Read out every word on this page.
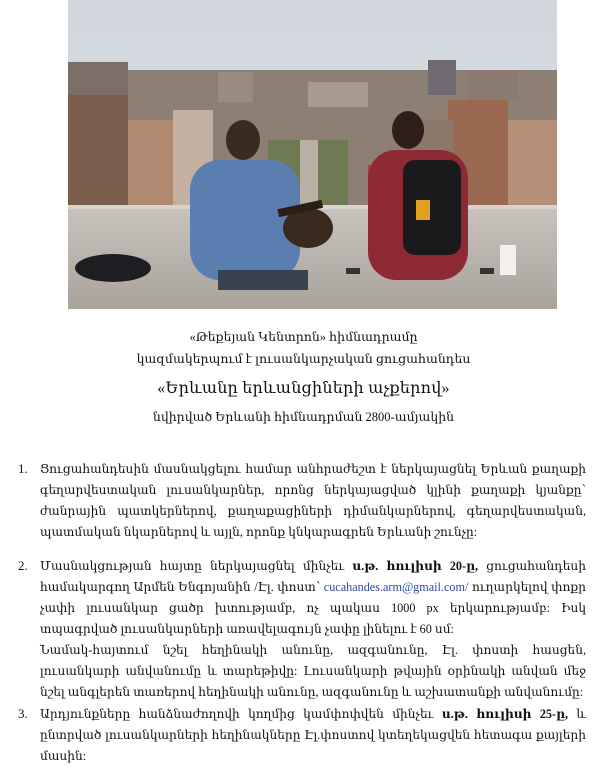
«Թեքեյան Կենտրոն» հիմնադրամը
կազմակերպում է լուսանկարչական ցուցահանդես
«Երևանը երևանցիների աչքերով»
նվիրված Երևանի հիմնադրման 2800-ամյակին
1. Ցուցահանդեսին մասնակցելու համար անհրաժեշտ է ներկայացնել Երևան քաղաքի գեղարվեստական լուսանկարներ, որոնց ներկայացված կլինի քաղաքի կյանքը՝ ժանրային պատկերներով, քաղաքացիների դիմանկարներով, գեղարվեստական, պատմական նկարներով և այլն, որոնք կնկարագրեն Երևանի շունչը:
2. Մասնակցության հայտը ներկայացնել մինչեւ ս.թ. հուլիսի 20-ը, ցուցահանդեսի համակարգող Արմեն Ենգոյանին /Էլ. փոստ՝ cucahandes.arm@gmail.com/ ուղարկելով փոքր չափի լուսանկար ցածր խտությամբ, ոչ պակաս 1000 px երկարությամբ: Իսկ տպագրված լուսանկարների առավելագույն չափը լինելու է 60 սմ:
Նամակ-հայտում նշել հեղինակի անունը, ազգանունը, Էլ. փոստի հասցեն, լուսանկարի անվանումը և տարեթիվը: Լուսանկարի թվային օրինակի անվան մեջ նշել անգլերեն տառերով հեղինակի անունը, ազգանունը և աշխատանքի անվանումը:
3. Արդյունքները հանձնաժողովի կողմից կամփոփվեն մինչեւ ս.թ. հուլիսի 25-ը, և ընտրված լուսանկարների հեղինակները Էլ.փոստով կտեղեկացվեն հետագա քայլերի մասին:
